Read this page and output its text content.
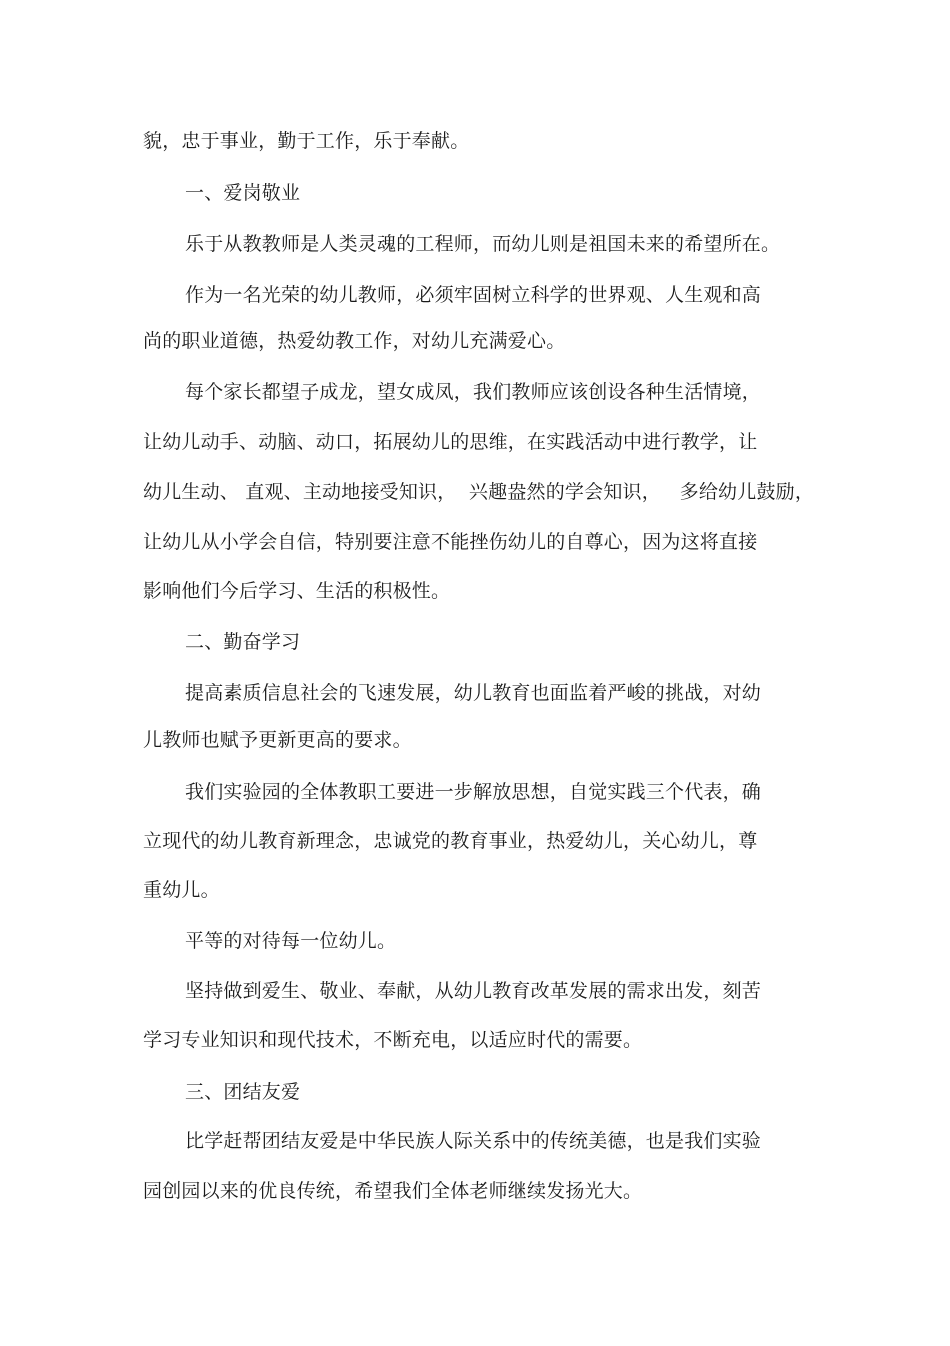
貌，忠于事业，勤于工作，乐于奉献。
一、爱岗敬业
乐于从教教师是人类灵魂的工程师，而幼儿则是祖国未来的希望所在。
作为一名光荣的幼儿教师，必须牢固树立科学的世界观、人生观和高
尚的职业道德，热爱幼教工作，对幼儿充满爱心。
每个家长都望子成龙，望女成凤，我们教师应该创设各种生活情境，
让幼儿动手、动脑、动口，拓展幼儿的思维，在实践活动中进行教学，让
幼儿生动、 直观、主动地接受知识，  兴趣盎然的学会知识，   多给幼儿鼓励，
让幼儿从小学会自信，特别要注意不能挫伤幼儿的自尊心，因为这将直接
影响他们今后学习、生活的积极性。
二、勤奋学习
提高素质信息社会的飞速发展，幼儿教育也面监着严峻的挑战，对幼
儿教师也赋予更新更高的要求。
我们实验园的全体教职工要进一步解放思想，自觉实践三个代表，确
立现代的幼儿教育新理念，忠诚党的教育事业，热爱幼儿，关心幼儿，尊
重幼儿。
平等的对待每一位幼儿。
坚持做到爱生、敬业、奉献，从幼儿教育改革发展的需求出发，刻苦
学习专业知识和现代技术，不断充电，以适应时代的需要。
三、团结友爱
比学赶帮团结友爱是中华民族人际关系中的传统美德，也是我们实验
园创园以来的优良传统，希望我们全体老师继续发扬光大。
